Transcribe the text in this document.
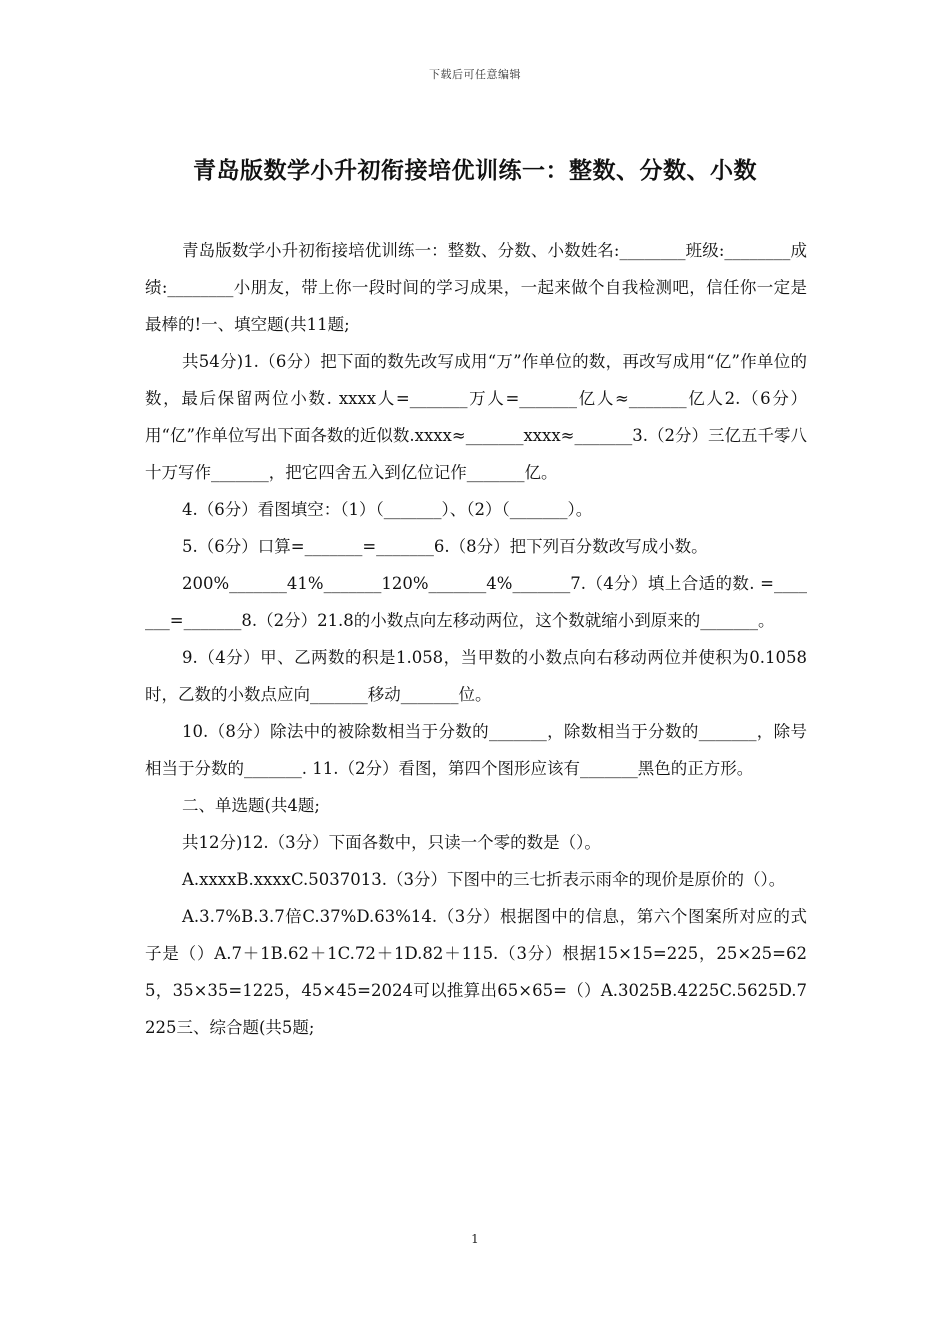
下载后可任意编辑
青岛版数学小升初衔接培优训练一：整数、分数、小数

青岛版数学小升初衔接培优训练一：整数、分数、小数姓名:________班级:________成绩:________小朋友，带上你一段时间的学习成果，一起来做个自我检测吧，信任你一定是最棒的!一、填空题(共11题;

共54分)1.（6分）把下面的数先改写成用“万”作单位的数，再改写成用“亿”作单位的数，最后保留两位小数. xxxx人=_______万人=_______亿人≈_______亿人2.（6分）用“亿”作单位写出下面各数的近似数.xxxx≈_______xxxx≈_______3.（2分）三亿五千零八十万写作_______，把它四舍五入到亿位记作_______亿。

4.（6分）看图填空：（1）（_______）、（2）（_______）。

5.（6分）口算=_______=_______6.（8分）把下列百分数改写成小数。

200%_______41%_______120%_______4%_______7.（4分）填上合适的数. =_______=_______8.（2分）21.8的小数点向左移动两位，这个数就缩小到原来的_______。

9.（4分）甲、乙两数的积是1.058，当甲数的小数点向右移动两位并使积为0.1058时，乙数的小数点应向_______移动_______位。

10.（8分）除法中的被除数相当于分数的_______，除数相当于分数的_______，除号相当于分数的_______. 11.（2分）看图，第四个图形应该有_______黑色的正方形。

二、单选题(共4题;

共12分)12.（3分）下面各数中，只读一个零的数是（）。

A.xxxxB.xxxxC.5037013.（3分）下图中的三七折表示雨伞的现价是原价的（）。

A.3.7%B.3.7倍C.37%D.63%14.（3分）根据图中的信息，第六个图案所对应的式子是（）A.7＋1B.62＋1C.72＋1D.82＋115.（3分）根据15×15=225，25×25=625，35×35=1225，45×45=2024可以推算出65×65=（）A.3025B.4225C.5625D.7225三、综合题(共5题;

1
